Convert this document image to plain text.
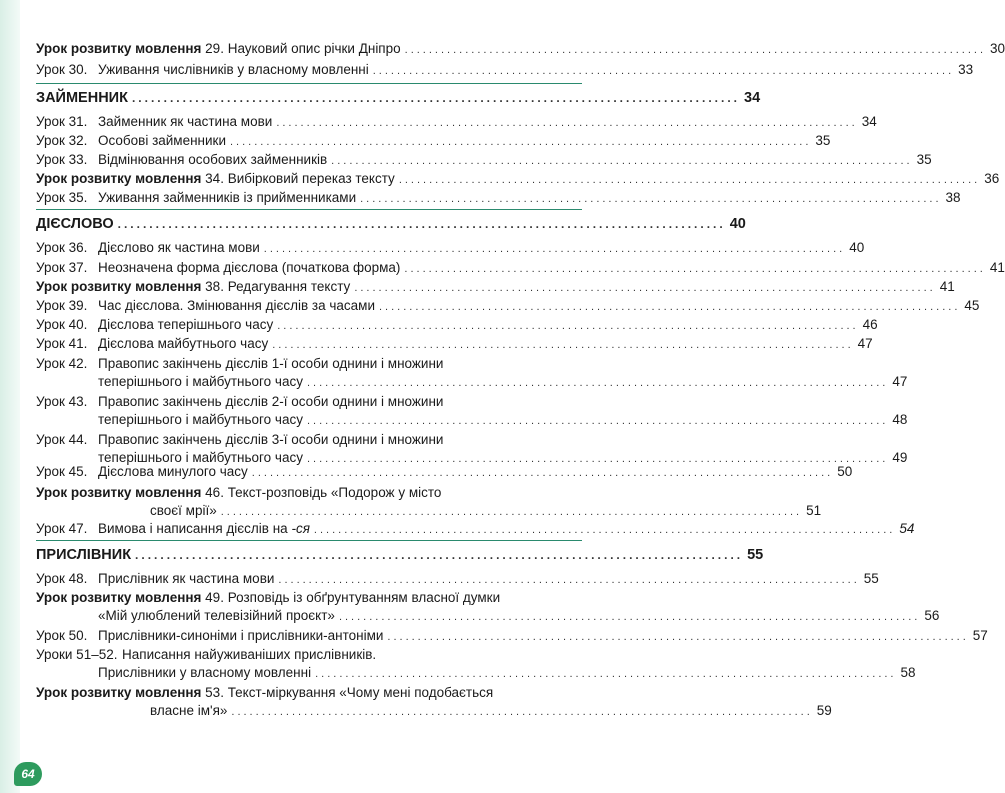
Урок розвитку мовлення 29. Науковий опис річки Дніпро ................................................................................................ 30
Урок 30. Уживання числівників у власному мовленні ................................................................................................ 33
ЗАЙМЕННИК ................................................................................................ 34
Урок 31. Займенник як частина мови ................................................................................................ 34
Урок 32. Особові займенники ................................................................................................ 35
Урок 33. Відмінювання особових займенників ................................................................................................ 35
Урок розвитку мовлення 34. Вибірковий переказ тексту ................................................................................................ 36
Урок 35. Уживання займенників із прийменниками ................................................................................................ 38
ДІЄСЛОВО ................................................................................................ 40
Урок 36. Дієслово як частина мови ................................................................................................ 40
Урок 37. Неозначена форма дієслова (початкова форма) ................................................................................................ 41
Урок розвитку мовлення 38. Редагування тексту ................................................................................................ 41
Урок 39. Час дієслова. Змінювання дієслів за часами ................................................................................................ 45
Урок 40. Дієслова теперішнього часу ................................................................................................ 46
Урок 41. Дієслова майбутнього часу ................................................................................................ 47
Урок 42. Правопис закінчень дієслів 1-ї особи однини і множини
теперішнього і майбутнього часу ................................................................................................ 47
Урок 43. Правопис закінчень дієслів 2-ї особи однини і множини
теперішнього і майбутнього часу ................................................................................................ 48
Урок 44. Правопис закінчень дієслів 3-ї особи однини і множини
теперішнього і майбутнього часу ................................................................................................ 49
Урок 45. Дієслова минулого часу ................................................................................................ 50
Урок розвитку мовлення 46. Текст-розповідь «Подорож у місто
своєї мрії» ................................................................................................ 51
Урок 47. Вимова і написання дієслів на -ся ................................................................................................ 54
ПРИСЛІВНИК ................................................................................................ 55
Урок 48. Прислівник як частина мови ................................................................................................ 55
Урок розвитку мовлення 49. Розповідь із обґрунтуванням власної думки
«Мій улюблений телевізійний проєкт» ................................................................................................ 56
Урок 50. Прислівники-синоніми і прислівники-антоніми ................................................................................................ 57
Уроки 51–52. Написання найуживаніших прислівників.
Прислівники у власному мовленні ................................................................................................ 58
Урок розвитку мовлення 53. Текст-міркування «Чому мені подобається
власне ім'я» ................................................................................................ 59
64
